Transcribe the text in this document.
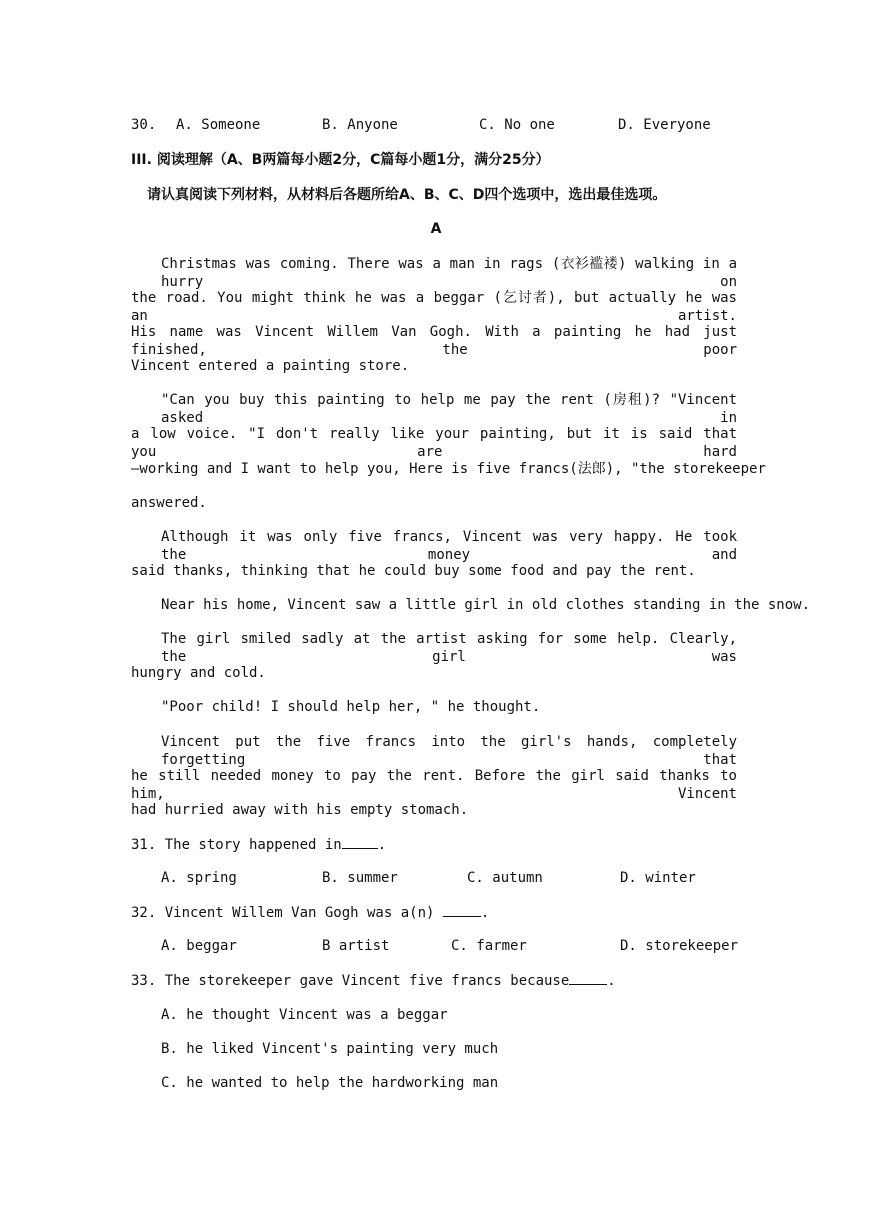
30. A. Someone	B. Anyone	C. No one	D. Everyone
III. 阅读理解（A、B两篇每小题2分，C篇每小题1分，满分25分）
请认真阅读下列材料，从材料后各题所给A、B、C、D四个选项中，选出最佳选项。
A
Christmas was coming. There was a man in rags (衣衫褴褛) walking in a hurry on
the road. You might think he was a beggar (乞讨者), but actually he was an artist.
His name was Vincent Willem Van Gogh. With a painting he had just finished, the poor
Vincent entered a painting store.
"Can you buy this painting to help me pay the rent (房租)? "Vincent asked in
a low voice. "I don't really like your painting, but it is said that you are hard
—working and I want to help you, Here is five francs(法郎), "the storekeeper
answered.
Although it was only five francs, Vincent was very happy. He took the money and
said thanks, thinking that he could buy some food and pay the rent.
Near his home, Vincent saw a little girl in old clothes standing in the snow.
The girl smiled sadly at the artist asking for some help. Clearly, the girl was
hungry and cold.
"Poor child! I should help her, " he thought.
Vincent put the five francs into the girl's hands, completely forgetting that
he still needed money to pay the rent. Before the girl said thanks to him, Vincent
had hurried away with his empty stomach.
31. The story happened in	.
A. spring	B. summer	C. autumn	D. winter
32. Vincent Willem Van Gogh was a(n)	.
A. beggar	B artist	C. farmer	D. storekeeper
33. The storekeeper gave Vincent five francs because	.
A. he thought Vincent was a beggar
B. he liked Vincent's painting very much
C. he wanted to help the hardworking man
